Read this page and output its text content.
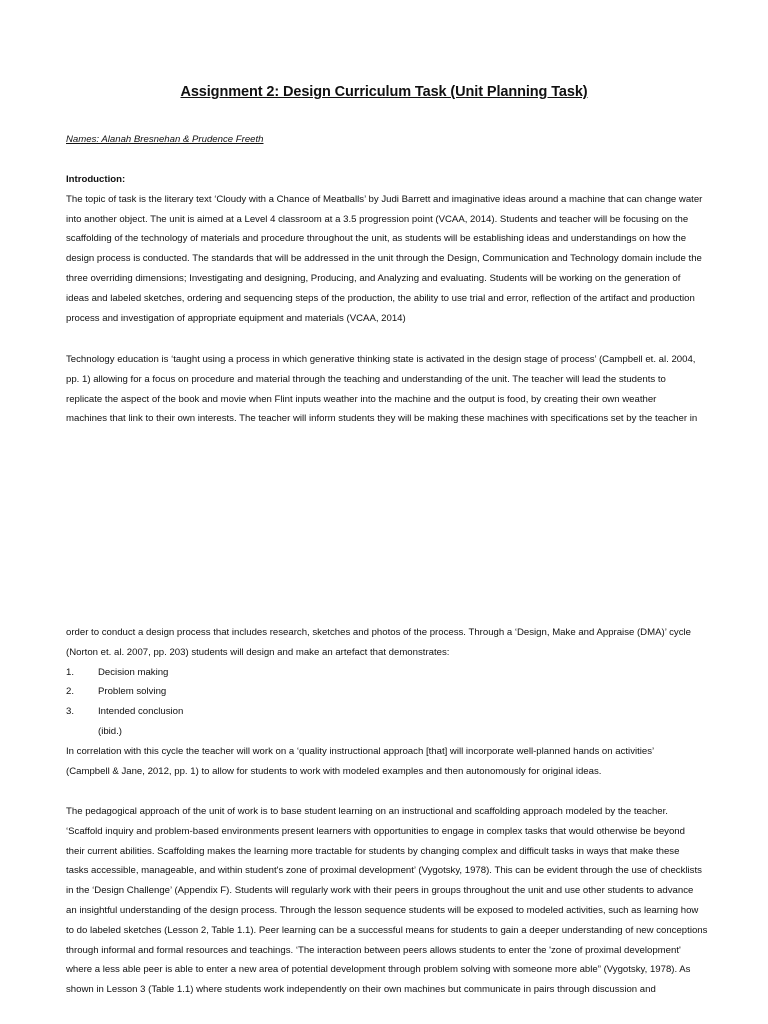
Assignment 2: Design Curriculum Task (Unit Planning Task)
Names: Alanah Bresnehan & Prudence Freeth

Introduction:

The topic of task is the literary text ‘Cloudy with a Chance of Meatballs’ by Judi Barrett and imaginative ideas around a machine that can change water

into another object. The unit is aimed at a Level 4 classroom at a 3.5 progression point (VCAA, 2014). Students and teacher will be focusing on the

scaffolding of the technology of materials and procedure throughout the unit, as students will be establishing ideas and understandings on how the

design process is conducted. The standards that will be addressed in the unit through the Design, Communication and Technology domain include the

three overriding dimensions; Investigating and designing, Producing, and Analyzing and evaluating. Students will be working on the generation of

ideas and labeled sketches, ordering and sequencing steps of the production, the ability to use trial and error, reflection of the artifact and production

process and investigation of appropriate equipment and materials (VCAA, 2014)

Technology education is ‘taught using a process in which generative thinking state is activated in the design stage of process’ (Campbell et. al. 2004,

pp. 1) allowing for a focus on procedure and material through the teaching and understanding of the unit. The teacher will lead the students to

replicate the aspect of the book and movie when Flint inputs weather into the machine and the output is food, by creating their own weather

machines that link to their own interests. The teacher will inform students they will be making these machines with specifications set by the teacher in

order to conduct a design process that includes research, sketches and photos of the process. Through a ‘Design, Make and Appraise (DMA)’ cycle

(Norton et. al. 2007, pp. 203) students will design and make an artefact that demonstrates:

1. Decision making
2. Problem solving
3. Intended conclusion
(ibid.)

In correlation with this cycle the teacher will work on a ‘quality instructional approach [that] will incorporate well-planned hands on activities’

(Campbell & Jane, 2012, pp. 1) to allow for students to work with modeled examples and then autonomously for original ideas.

The pedagogical approach of the unit of work is to base student learning on an instructional and scaffolding approach modeled by the teacher.

‘Scaffold inquiry and problem-based environments present learners with opportunities to engage in complex tasks that would otherwise be beyond

their current abilities. Scaffolding makes the learning more tractable for students by changing complex and difficult tasks in ways that make these

tasks accessible, manageable, and within student's zone of proximal development’ (Vygotsky, 1978). This can be evident through the use of checklists

in the ‘Design Challenge’ (Appendix F). Students will regularly work with their peers in groups throughout the unit and use other students to advance

an insightful understanding of the design process. Through the lesson sequence students will be exposed to modeled activities, such as learning how

to do labeled sketches (Lesson 2, Table 1.1). Peer learning can be a successful means for students to gain a deeper understanding of new conceptions

through informal and formal resources and teachings. ‘The interaction between peers allows students to enter the 'zone of proximal development'

where a less able peer is able to enter a new area of potential development through problem solving with someone more able” (Vygotsky, 1978). As

shown in Lesson 3 (Table 1.1) where students work independently on their own machines but communicate in pairs through discussion and
